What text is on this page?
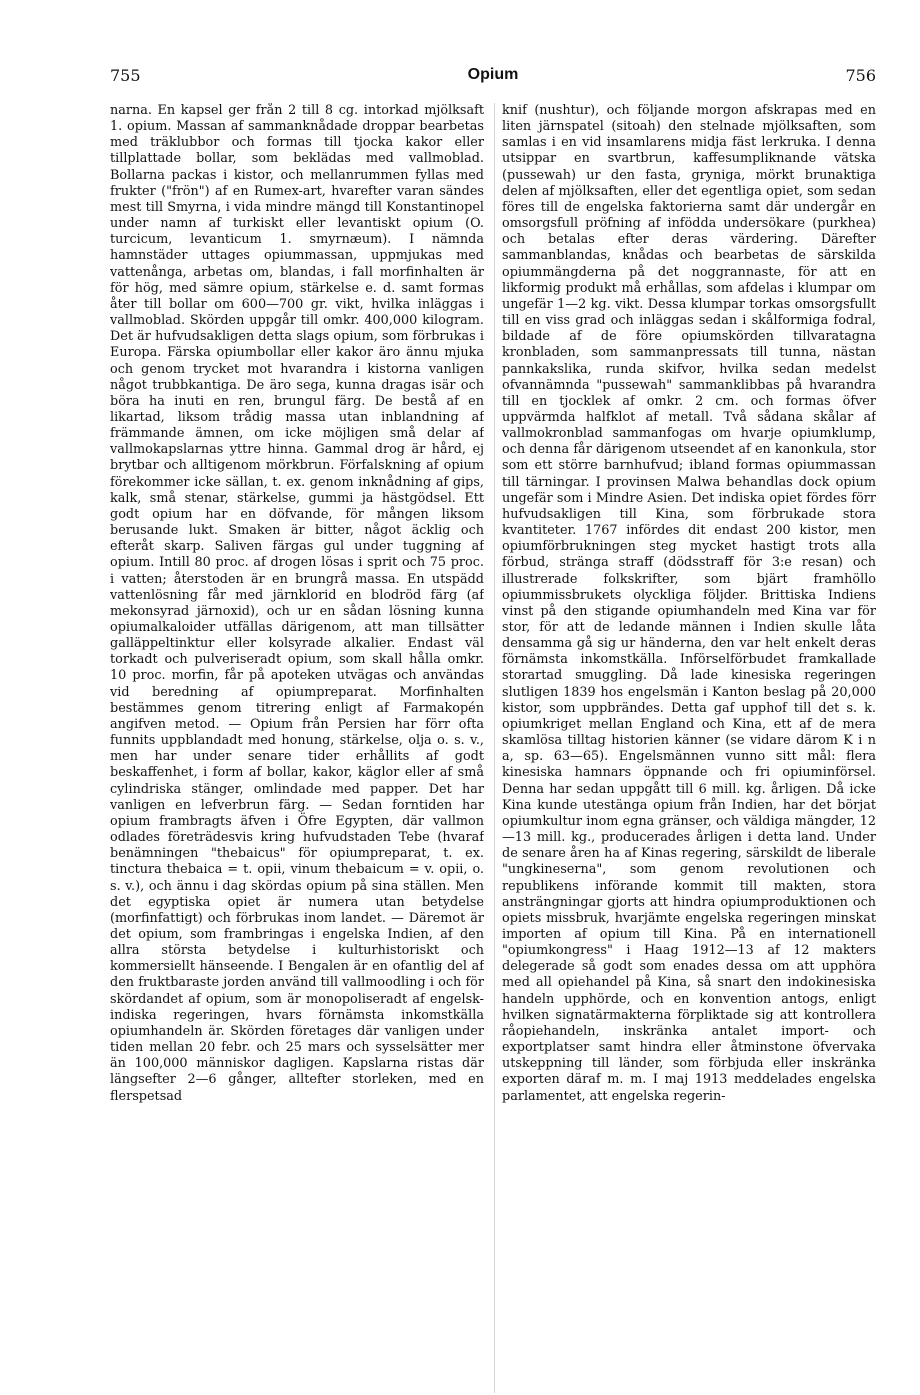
755	Opium	756

narna. En kapsel ger från 2 till 8 cg. intorkad mjölksaft 1. opium. Massan af sammanknådade droppar bearbetas med träklubbor och formas till tjocka kakor eller tillplattade bollar, som beklädas med vallmoblad. Bollarna packas i kistor, och mellanrummen fyllas med frukter ("frön") af en Rumex-art, hvarefter varan sändes mest till Smyrna, i vida mindre mängd till Konstantinopel under namn af turkiskt eller levantiskt opium (O. turcicum, levanticum 1. smyrnæum). I nämnda hamnstäder uttages opiummassan, uppmjukas med vattenånga, arbetas om, blandas, i fall morfinhalten är för hög, med sämre opium, stärkelse e. d. samt formas åter till bollar om 600—700 gr. vikt, hvilka inläggas i vallmoblad. Skörden uppgår till omkr. 400,000 kilogram. Det är hufvudsakligen detta slags opium, som förbrukas i Europa. Färska opiumbollar eller kakor äro ännu mjuka och genom trycket mot hvarandra i kistorna vanligen något trubbkantiga. De äro sega, kunna dragas isär och böra ha inuti en ren, brungul färg. De bestå af en likartad, liksom trådig massa utan inblandning af främmande ämnen, om icke möjligen små delar af vallmokapslarnas yttre hinna. Gammal drog är hård, ej brytbar och alltigenom mörkbrun. Förfalskning af opium förekommer icke sällan, t. ex. genom inknådning af gips, kalk, små stenar, stärkelse, gummi ja hästgödsel. Ett godt opium har en döfvande, för mången liksom berusande lukt. Smaken är bitter, något äcklig och efteråt skarp. Saliven färgas gul under tuggning af opium. Intill 80 proc. af drogen lösas i sprit och 75 proc. i vatten; återstoden är en brungrå massa. En utspädd vattenlösning får med järnklorid en blodröd färg (af mekonsyrad järnoxid), och ur en sådan lösning kunna opiumalkaloider utfällas därigenom, att man tillsätter galläppeltinktur eller kolsyrade alkalier. Endast väl torkadt och pulveriseradt opium, som skall hålla omkr. 10 proc. morfin, får på apoteken utvägas och användas vid beredning af opiumpreparat. Morfinhalten bestämmes genom titrering enligt af Farmakopén angifven metod. — Opium från Persien har förr ofta funnits uppblandadt med honung, stärkelse, olja o. s. v., men har under senare tider erhållits af godt beskaffenhet, i form af bollar, kakor, käglor eller af små cylindriska stänger, omlindade med papper. Det har vanligen en lefverbrun färg. — Sedan forntiden har opium frambragts äfven i Öfre Egypten, där vallmon odlades företrädesvis kring hufvudstaden Tebe (hvaraf benämningen "thebaicus" för opiumpreparat, t. ex. tinctura thebaica = t. opii, vinum thebaicum = v. opii, o. s. v.), och ännu i dag skördas opium på sina ställen. Men det egyptiska opiet är numera utan betydelse (morfinfattigt) och förbrukas inom landet. — Däremot är det opium, som frambringas i engelska Indien, af den allra största betydelse i kulturhistoriskt och kommersiellt hänseende. I Bengalen är en ofantlig del af den fruktbaraste jorden använd till vallmoodling i och för skördandet af opium, som är monopoliseradt af engelsk-indiska regeringen, hvars förnämsta inkomstkälla opiumhandeln är. Skörden företages där vanligen under tiden mellan 20 febr. och 25 mars och sysselsätter mer än 100,000 människor dagligen. Kapslarna ristas där längsefter 2—6 gånger, alltefter storleken, med en flerspetsad

knif (nushtur), och följande morgon afskrapas med en liten järnspatel (sitoah) den stelnade mjölksaften, som samlas i en vid insamlarens midja fäst lerkruka. I denna utsippar en svartbrun, kaffesumpliknande vätska (pussewah) ur den fasta, gryniga, mörkt brunaktiga delen af mjölksaften, eller det egentliga opiet, som sedan föres till de engelska faktorierna samt där undergår en omsorgsfull pröfning af infödda undersökare (purkhea) och betalas efter deras värdering. Därefter sammanblandas, knådas och bearbetas de särskilda opiummängderna på det noggrannaste, för att en likformig produkt må erhållas, som afdelas i klumpar om ungefär 1—2 kg. vikt. Dessa klumpar torkas omsorgsfullt till en viss grad och inläggas sedan i skålformiga fodral, bildade af de före opiumskörden tillvaratagna kronbladen, som sammanpressats till tunna, nästan pannkakslika, runda skifvor, hvilka sedan medelst ofvannämnda "pussewah" sammanklibbas på hvarandra till en tjocklek af omkr. 2 cm. och formas öfver uppvärmda halfklot af metall. Två sådana skålar af vallmokronblad sammanfogas om hvarje opiumklump, och denna får därigenom utseendet af en kanonkula, stor som ett större barnhufvud; ibland formas opiummassan till tärningar. I provinsen Malwa behandlas dock opium ungefär som i Mindre Asien. Det indiska opiet fördes förr hufvudsakligen till Kina, som förbrukade stora kvantiteter. 1767 infördes dit endast 200 kistor, men opiumförbrukningen steg mycket hastigt trots alla förbud, stränga straff (dödsstraff för 3:e resan) och illustrerade folkskrifter, som bjärt framhöllo opiummissbrukets olyckliga följder. Brittiska Indiens vinst på den stigande opiumhandeln med Kina var för stor, för att de ledande männen i Indien skulle låta densamma gå sig ur händerna, den var helt enkelt deras förnämsta inkomstkälla. Införselförbudet framkallade storartad smuggling. Då lade kinesiska regeringen slutligen 1839 hos engelsmän i Kanton beslag på 20,000 kistor, som uppbrändes. Detta gaf upphof till det s. k. opiumkriget mellan England och Kina, ett af de mera skamlösa tilltag historien känner (se vidare därom K i n a, sp. 63—65). Engelsmännen vunno sitt mål: flera kinesiska hamnars öppnande och fri opiuminförsel. Denna har sedan uppgått till 6 mill. kg. årligen. Då icke Kina kunde utestänga opium från Indien, har det börjat opiumkultur inom egna gränser, och väldiga mängder, 12—13 mill. kg., producerades årligen i detta land. Under de senare åren ha af Kinas regering, särskildt de liberale "ungkineserna", som genom revolutionen och republikens införande kommit till makten, stora ansträngningar gjorts att hindra opiumproduktionen och opiets missbruk, hvarjämte engelska regeringen minskat importen af opium till Kina. På en internationell "opiumkongress" i Haag 1912—13 af 12 makters delegerade så godt som enades dessa om att upphöra med all opiehandel på Kina, så snart den indokinesiska handeln upphörde, och en konvention antogs, enligt hvilken signatärmakterna förpliktade sig att kontrollera råopiehandeln, inskränka antalet import- och exportplatser samt hindra eller åtminstone öfvervaka utskeppning till länder, som förbjuda eller inskränka exporten däraf m. m. I maj 1913 meddelades engelska parlamentet, att engelska regerin-
